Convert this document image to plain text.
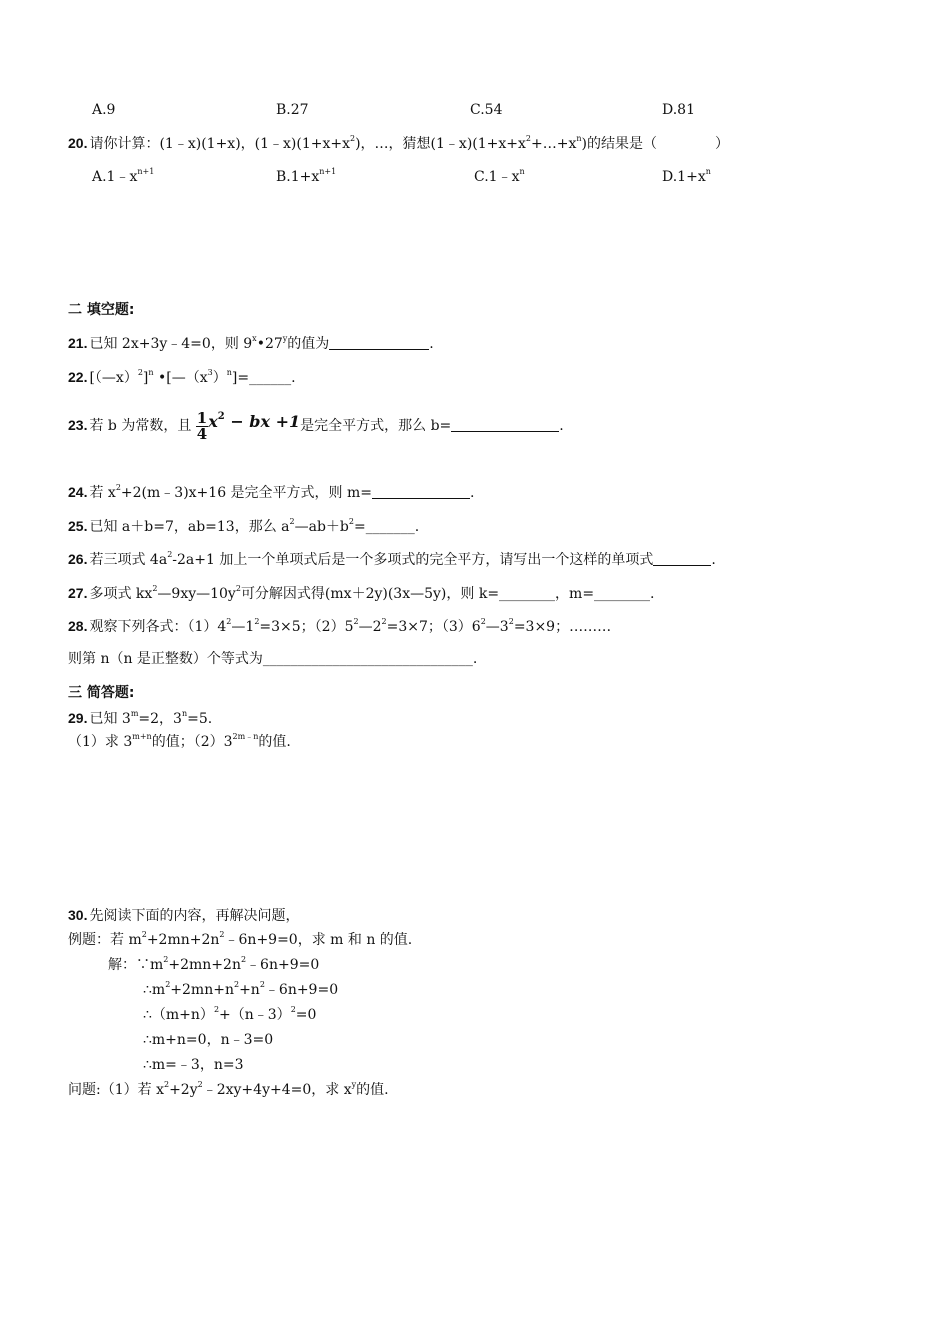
A.9	B.27	C.54	D.81
20. 请你计算：(1﹣x)(1+x)，$(1﹣x)(1+x+x^2)$，…，猜想$(1﹣x)(1+x+x^2+\dots+x^n)$的结果是（	）
$A.1﹣x^{n+1}$	$B.1+x^{n+1}$	$C.1﹣x^n$	$D.1+x^n$
二 填空题:
21. 已知 2x+3y﹣4=0，则 9$^x$•27$^y$的值为	.
22. [（—x）$^2$]$^n$ $•[—(x^3)^n]=\_\_\_\_\_\_$.
23. 若 b 为常数，且 $\frac{1}{4} x^2$ − bx +1是完全平方式，那么 b=	.
24. 若 $x^2+2(m﹣3)x+16$ 是完全平方式，则 m=	.
25. 已知 a＋b=7，ab=13，那么 $a^2—ab+b^2=\_\_\_\_\_\_\_$.
26. 若三项式 $4a^2-2a+1$ 加上一个单项式后是一个多项式的完全平方，请写出一个这样的单项式	.
27. 多项式 $kx^2—9xy—10y^2$可分解因式得(mx＋2y)(3x—5y)，则 k=________，m=________.
28. 观察下列各式：$(1)4^2—1^2=3\times 5$；$(2)5^2—2^2=3\times 7$；$(3)6^2—3^2=3\times 9$；………
则第 n（n 是正整数）个等式为______________________________.
三 简答题:
29. 已知 $3^m=2$，$3^n=5$.
（1）求 $3^{m+n}$的值；$(2)3^{2m﹣n}$的值.
30. 先阅读下面的内容，再解决问题，
例题：若 $m^2+2mn+2n^2﹣6n+9=0$，求 m 和 n 的值.
解：$\because m^2+2mn+2n^2﹣6n+9=0$
$\therefore m^2+2mn+n^2+n^2﹣6n+9=0$
$\therefore(m+n)^2+(n﹣3)^2=0$
∴m+n=0，n﹣3=0
∴m=﹣3，n=3
问题:（1）若 $x^2+2y^2﹣2xy+4y+4=0$，求 $x^y$的值.
